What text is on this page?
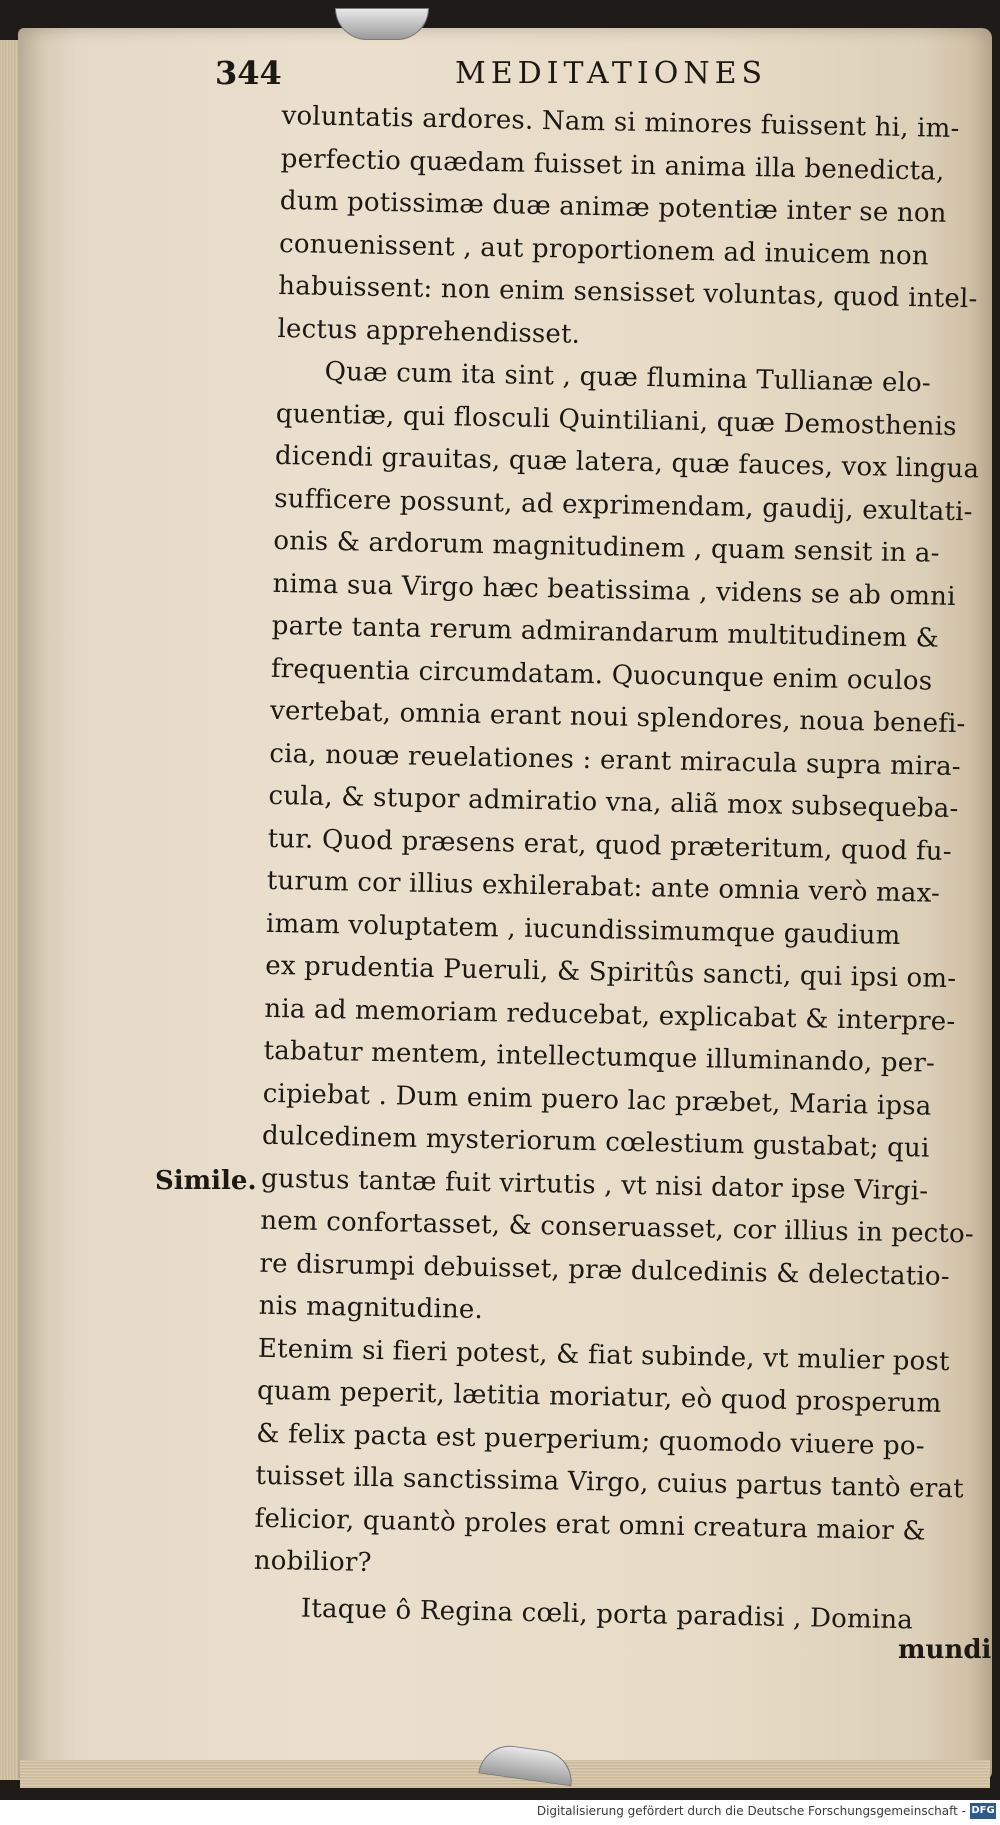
344	MEDITATIONES
voluntatis ardores. Nam si minores fuissent hi, im-
perfectio quædam fuisset in anima illa benedicta,
dum potissimæ duæ animæ potentiæ inter se non
conuenissent , aut proportionem ad inuicem non
habuissent: non enim sensisset voluntas, quod intel-
lectus apprehendisset.
Quæ cum ita sint , quæ flumina Tullianæ elo-
quentiæ, qui flosculi Quintiliani, quæ Demosthenis
dicendi grauitas, quæ latera, quæ fauces, vox lingua
sufficere possunt, ad exprimendam, gaudij, exultati-
onis & ardorum magnitudinem , quam sensit in a-
nima sua Virgo hæc beatissima , videns se ab omni
parte tanta rerum admirandarum multitudinem &
frequentia circumdatam. Quocunque enim oculos
vertebat, omnia erant noui splendores, noua benefi-
cia, nouæ reuelationes : erant miracula supra mira-
cula, & stupor admiratio vna, aliã mox subsequeba-
tur. Quod præsens erat, quod præteritum, quod fu-
turum cor illius exhilerabat: ante omnia verò max-
imam voluptatem , iucundissimumque gaudium
ex prudentia Pueruli, & Spiritûs sancti, qui ipsi om-
nia ad memoriam reducebat, explicabat & interpre-
tabatur mentem, intellectumque illuminando, per-
cipiebat . Dum enim puero lac præbet, Maria ipsa
dulcedinem mysteriorum cœlestium gustabat; qui
gustus tantæ fuit virtutis , vt nisi dator ipse Virgi-
nem confortasset, & conseruasset, cor illius in pecto-
re disrumpi debuisset, præ dulcedinis & delectatio-
nis magnitudine.
Etenim si fieri potest, & fiat subinde, vt mulier post
quam peperit, lætitia moriatur, eò quod prosperum
& felix pacta est puerperium; quomodo viuere po-
tuisset illa sanctissima Virgo, cuius partus tantò erat
felicior, quantò proles erat omni creatura maior &
nobilior?
Itaque ô Regina cœli, porta paradisi , Domina
Simile.
mundi
Digitalisierung gefördert durch die Deutsche Forschungsgemeinschaft - DFG
